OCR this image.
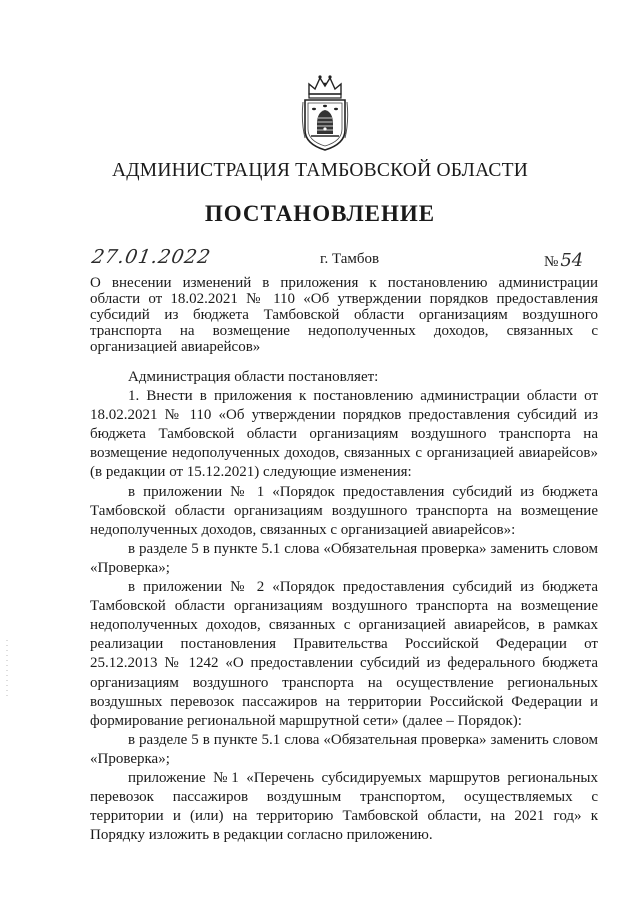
АДМИНИСТРАЦИЯ ТАМБОВСКОЙ ОБЛАСТИ
ПОСТАНОВЛЕНИЕ
27.01.2022	г. Тамбов	№ 54
О внесении изменений в приложения к постановлению администрации области от 18.02.2021 № 110 «Об утверждении порядков предоставления субсидий из бюджета Тамбовской области организациям воздушного транспорта на возмещение недополученных доходов, связанных с организацией авиарейсов»

Администрация области постановляет:

1. Внести в приложения к постановлению администрации области от 18.02.2021 № 110 «Об утверждении порядков предоставления субсидий из бюджета Тамбовской области организациям воздушного транспорта на возмещение недополученных доходов, связанных с организацией авиарейсов» (в редакции от 15.12.2021) следующие изменения:

в приложении № 1 «Порядок предоставления субсидий из бюджета Тамбовской области организациям воздушного транспорта на возмещение недополученных доходов, связанных с организацией авиарейсов»:

в разделе 5 в пункте 5.1 слова «Обязательная проверка» заменить словом «Проверка»;

в приложении № 2 «Порядок предоставления субсидий из бюджета Тамбовской области организациям воздушного транспорта на возмещение недополученных доходов, связанных с организацией авиарейсов, в рамках реализации постановления Правительства Российской Федерации от 25.12.2013 № 1242 «О предоставлении субсидий из федерального бюджета организациям воздушного транспорта на осуществление региональных воздушных перевозок пассажиров на территории Российской Федерации и формирование региональной маршрутной сети» (далее – Порядок):

в разделе 5 в пункте 5.1 слова «Обязательная проверка» заменить словом «Проверка»;

приложение №1 «Перечень субсидируемых маршрутов региональных перевозок пассажиров воздушным транспортом, осуществляемых с территории и (или) на территорию Тамбовской области, на 2021 год» к Порядку изложить в редакции согласно приложению.
